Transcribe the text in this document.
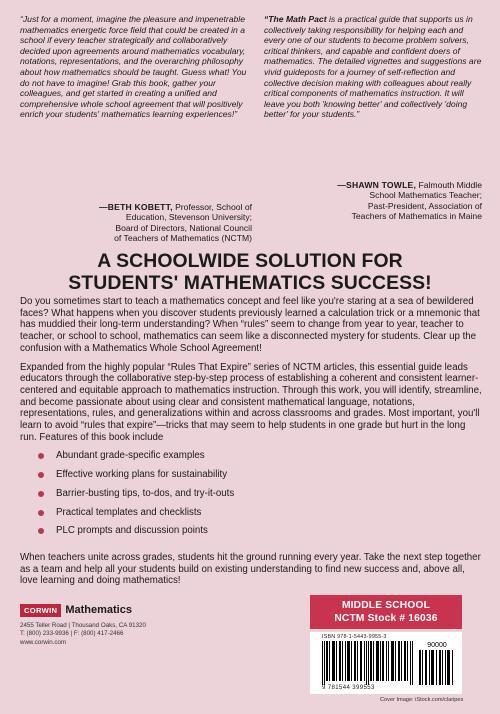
“Just for a moment, imagine the pleasure and impenetrable mathematics energetic force field that could be created in a school if every teacher strategically and collaboratively decided upon agreements around mathematics vocabulary, notations, representations, and the overarching philosophy about how mathematics should be taught. Guess what! You do not have to imagine! Grab this book, gather your colleagues, and get started in creating a unified and comprehensive whole school agreement that will positively enrich your students' mathematics learning experiences!”
—BETH KOBETT, Professor, School of
Education, Stevenson University;
Board of Directors, National Council
of Teachers of Mathematics (NCTM)
“The Math Pact is a practical guide that supports us in collectively taking responsibility for helping each and every one of our students to become problem solvers, critical thinkers, and capable and confident doers of mathematics. The detailed vignettes and suggestions are vivid guideposts for a journey of self-reflection and collective decision making with colleagues about really critical components of mathematics instruction. It will leave you both 'knowing better' and collectively 'doing better' for your students.”
—SHAWN TOWLE, Falmouth Middle
School Mathematics Teacher;
Past-President, Association of
Teachers of Mathematics in Maine
A SCHOOLWIDE SOLUTION FOR
STUDENTS' MATHEMATICS SUCCESS!

Do you sometimes start to teach a mathematics concept and feel like you're staring at a sea of bewildered faces? What happens when you discover students previously learned a calculation trick or a mnemonic that has muddied their long-term understanding? When “rules” seem to change from year to year, teacher to teacher, or school to school, mathematics can seem like a disconnected mystery for students. Clear up the confusion with a Mathematics Whole School Agreement!

Expanded from the highly popular “Rules That Expire” series of NCTM articles, this essential guide leads educators through the collaborative step-by-step process of establishing a coherent and consistent learner-centered and equitable approach to mathematics instruction. Through this work, you will identify, streamline, and become passionate about using clear and consistent mathematical language, notations, representations, rules, and generalizations within and across classrooms and grades. Most important, you'll learn to avoid “rules that expire”—tricks that may seem to help students in one grade but hurt in the long run. Features of this book include

Abundant grade-specific examples
Effective working plans for sustainability
Barrier-busting tips, to-dos, and try-it-outs
Practical templates and checklists
PLC prompts and discussion points
When teachers unite across grades, students hit the ground running every year. Take the next step together as a team and help all your students build on existing understanding to find new success and, above all, love learning and doing mathematics!
MIDDLE SCHOOL
NCTM Stock # 16036
CORWIN Mathematics
2455 Teller Road | Thousand Oaks, CA 91320
T: (800) 233-9936 | F: (800) 417-2466
www.corwin.com
ISBN 978-1-5443-9955-3
90000
9 781544 399553
Cover Image: iStock.com/claripes
